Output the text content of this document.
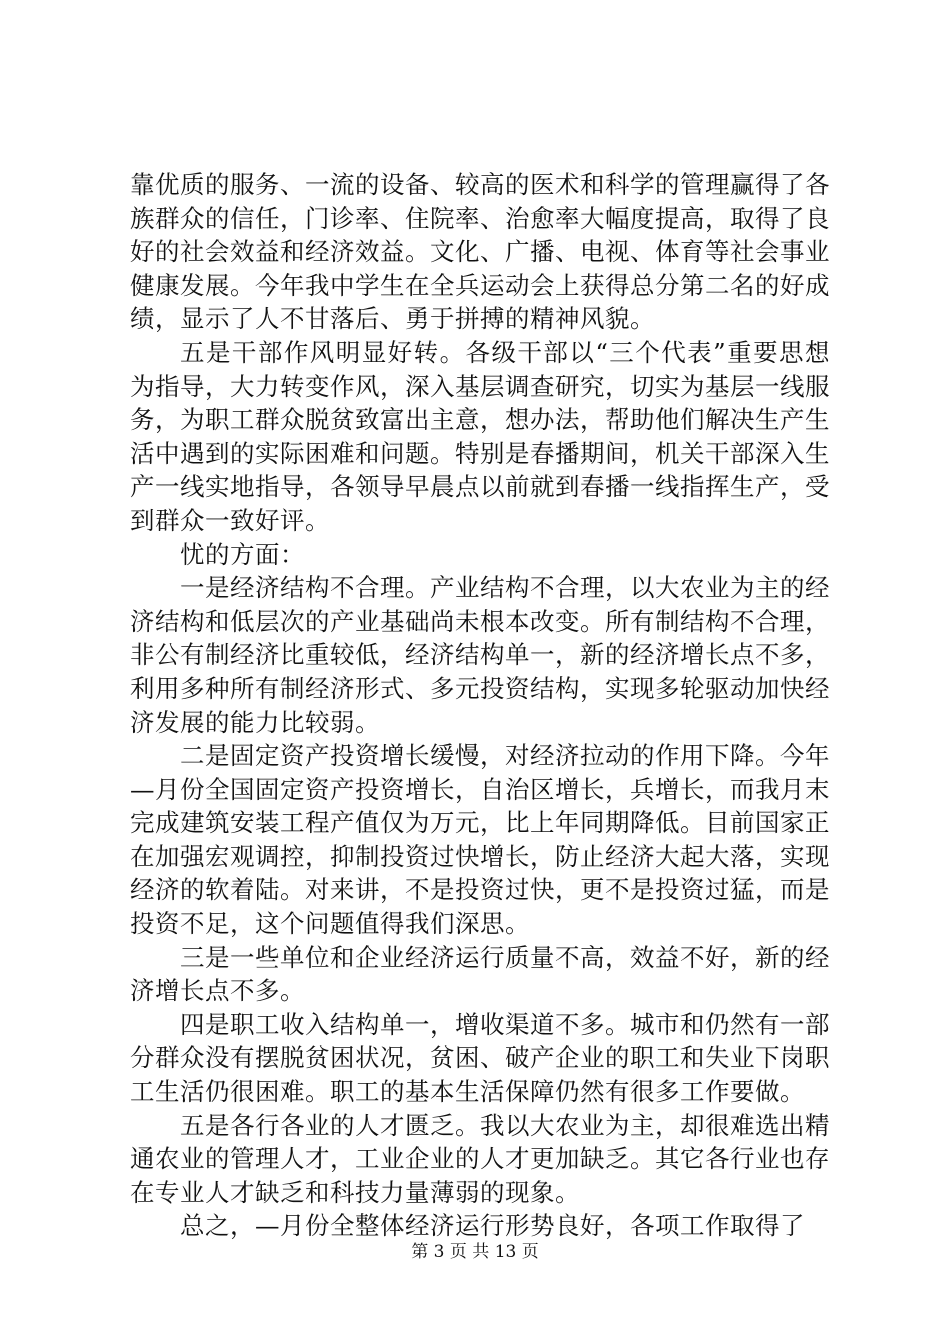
靠优质的服务、一流的设备、较高的医术和科学的管理赢得了各族群众的信任，门诊率、住院率、治愈率大幅度提高，取得了良好的社会效益和经济效益。文化、广播、电视、体育等社会事业健康发展。今年我中学生在全兵运动会上获得总分第二名的好成绩，显示了人不甘落后、勇于拼搏的精神风貌。

五是干部作风明显好转。各级干部以“三个代表”重要思想为指导，大力转变作风，深入基层调查研究，切实为基层一线服务，为职工群众脱贫致富出主意，想办法，帮助他们解决生产生活中遇到的实际困难和问题。特别是春播期间，机关干部深入生产一线实地指导，各领导早晨点以前就到春播一线指挥生产，受到群众一致好评。

忧的方面：

一是经济结构不合理。产业结构不合理，以大农业为主的经济结构和低层次的产业基础尚未根本改变。所有制结构不合理，非公有制经济比重较低，经济结构单一，新的经济增长点不多，利用多种所有制经济形式、多元投资结构，实现多轮驱动加快经济发展的能力比较弱。

二是固定资产投资增长缓慢，对经济拉动的作用下降。今年—月份全国固定资产投资增长，自治区增长，兵增长，而我月末完成建筑安装工程产值仅为万元，比上年同期降低。目前国家正在加强宏观调控，抑制投资过快增长，防止经济大起大落，实现经济的软着陆。对来讲，不是投资过快，更不是投资过猛，而是投资不足，这个问题值得我们深思。

三是一些单位和企业经济运行质量不高，效益不好，新的经济增长点不多。

四是职工收入结构单一，增收渠道不多。城市和仍然有一部分群众没有摆脱贫困状况，贫困、破产企业的职工和失业下岗职工生活仍很困难。职工的基本生活保障仍然有很多工作要做。

五是各行各业的人才匮乏。我以大农业为主，却很难选出精通农业的管理人才，工业企业的人才更加缺乏。其它各行业也存在专业人才缺乏和科技力量薄弱的现象。

总之，—月份全整体经济运行形势良好，各项工作取得了

第 3 页 共 13 页
